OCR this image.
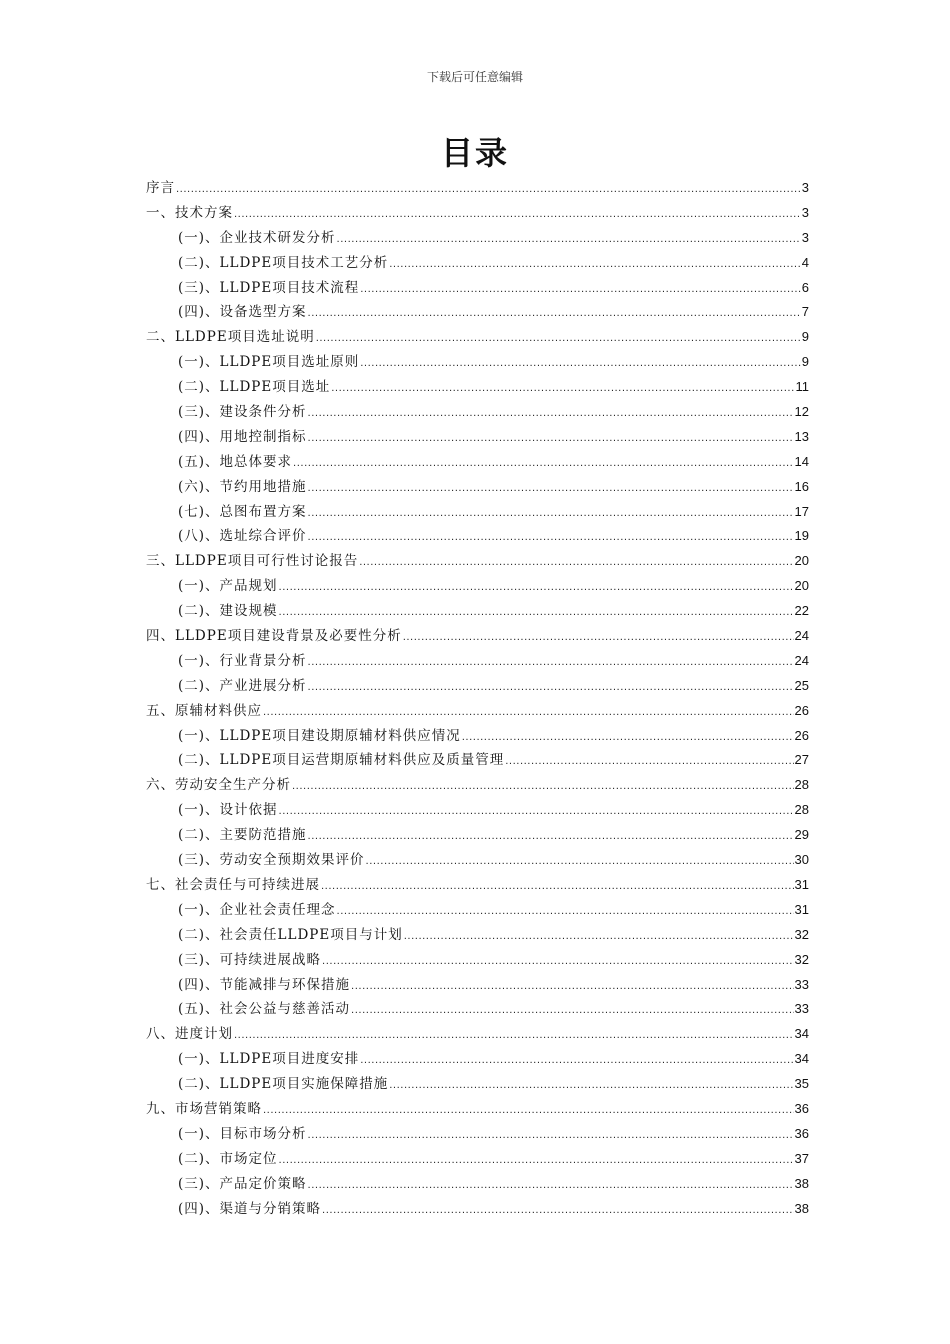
下载后可任意编辑
目录
序言 .....	3
一、技术方案 .....	3
(一)、企业技术研发分析 .....	3
(二)、LLDPE项目技术工艺分析 .....	4
(三)、LLDPE项目技术流程 .....	6
(四)、设备选型方案 .....	7
二、LLDPE项目选址说明 .....	9
(一)、LLDPE项目选址原则 .....	9
(二)、LLDPE项目选址 .....	11
(三)、建设条件分析 .....	12
(四)、用地控制指标 .....	13
(五)、地总体要求 .....	14
(六)、节约用地措施 .....	16
(七)、总图布置方案 .....	17
(八)、选址综合评价 .....	19
三、LLDPE项目可行性讨论报告 .....	20
(一)、产品规划 .....	20
(二)、建设规模 .....	22
四、LLDPE项目建设背景及必要性分析 .....	24
(一)、行业背景分析 .....	24
(二)、产业进展分析 .....	25
五、原辅材料供应 .....	26
(一)、LLDPE项目建设期原辅材料供应情况 .....	26
(二)、LLDPE项目运营期原辅材料供应及质量管理 .....	27
六、劳动安全生产分析 .....	28
(一)、设计依据 .....	28
(二)、主要防范措施 .....	29
(三)、劳动安全预期效果评价 .....	30
七、社会责任与可持续进展 .....	31
(一)、企业社会责任理念 .....	31
(二)、社会责任LLDPE项目与计划 .....	32
(三)、可持续进展战略 .....	32
(四)、节能减排与环保措施 .....	33
(五)、社会公益与慈善活动 .....	33
八、进度计划 .....	34
(一)、LLDPE项目进度安排 .....	34
(二)、LLDPE项目实施保障措施 .....	35
九、市场营销策略 .....	36
(一)、目标市场分析 .....	36
(二)、市场定位 .....	37
(三)、产品定价策略 .....	38
(四)、渠道与分销策略 .....	38
